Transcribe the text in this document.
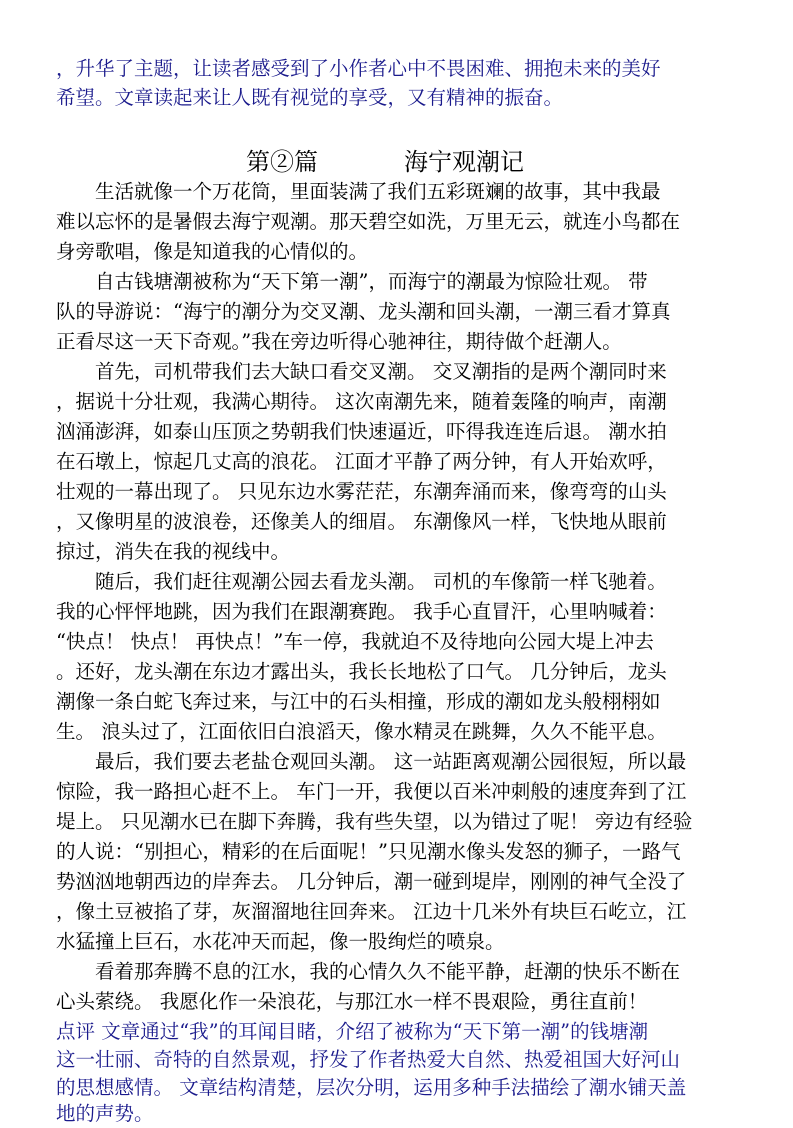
，升华了主题，让读者感受到了小作者心中不畏困难、拥抱未来的美好
希望。文章读起来让人既有视觉的享受，又有精神的振奋。
第②篇	海宁观潮记
　　生活就像一个万花筒，里面装满了我们五彩斑斓的故事，其中我最
难以忘怀的是暑假去海宁观潮。那天碧空如洗，万里无云，就连小鸟都在
身旁歌唱，像是知道我的心情似的。
　　自古钱塘潮被称为“天下第一潮”，而海宁的潮最为惊险壮观。 带
队的导游说：“海宁的潮分为交叉潮、龙头潮和回头潮，一潮三看才算真
正看尽这一天下奇观。”我在旁边听得心驰神往，期待做个赶潮人。
　　首先，司机带我们去大缺口看交叉潮。 交叉潮指的是两个潮同时来
，据说十分壮观，我满心期待。 这次南潮先来，随着轰隆的响声，南潮
汹涌澎湃，如泰山压顶之势朝我们快速逼近，吓得我连连后退。 潮水拍
在石墩上，惊起几丈高的浪花。 江面才平静了两分钟，有人开始欢呼，
壮观的一幕出现了。 只见东边水雾茫茫，东潮奔涌而来，像弯弯的山头
，又像明星的波浪卷，还像美人的细眉。 东潮像风一样，飞快地从眼前
掠过，消失在我的视线中。
　　随后，我们赶往观潮公园去看龙头潮。 司机的车像箭一样飞驰着。
我的心怦怦地跳，因为我们在跟潮赛跑。 我手心直冒汗，心里呐喊着：
“快点！ 快点！ 再快点！”车一停，我就迫不及待地向公园大堤上冲去
。还好，龙头潮在东边才露出头，我长长地松了口气。 几分钟后，龙头
潮像一条白蛇飞奔过来，与江中的石头相撞，形成的潮如龙头般栩栩如
生。 浪头过了，江面依旧白浪滔天，像水精灵在跳舞，久久不能平息。
　　最后，我们要去老盐仓观回头潮。 这一站距离观潮公园很短，所以最
惊险，我一路担心赶不上。 车门一开，我便以百米冲刺般的速度奔到了江
堤上。 只见潮水已在脚下奔腾，我有些失望，以为错过了呢！ 旁边有经验
的人说：“别担心，精彩的在后面呢！”只见潮水像头发怒的狮子，一路气
势汹汹地朝西边的岸奔去。 几分钟后，潮一碰到堤岸，刚刚的神气全没了
，像土豆被掐了芽，灰溜溜地往回奔来。 江边十几米外有块巨石屹立，江
水猛撞上巨石，水花冲天而起，像一股绚烂的喷泉。
　　看着那奔腾不息的江水，我的心情久久不能平静，赶潮的快乐不断在
心头萦绕。 我愿化作一朵浪花，与那江水一样不畏艰险，勇往直前！
点评 文章通过“我”的耳闻目睹，介绍了被称为“天下第一潮”的钱塘潮
这一壮丽、奇特的自然景观，抒发了作者热爱大自然、热爱祖国大好河山
的思想感情。 文章结构清楚，层次分明，运用多种手法描绘了潮水铺天盖
地的声势。
